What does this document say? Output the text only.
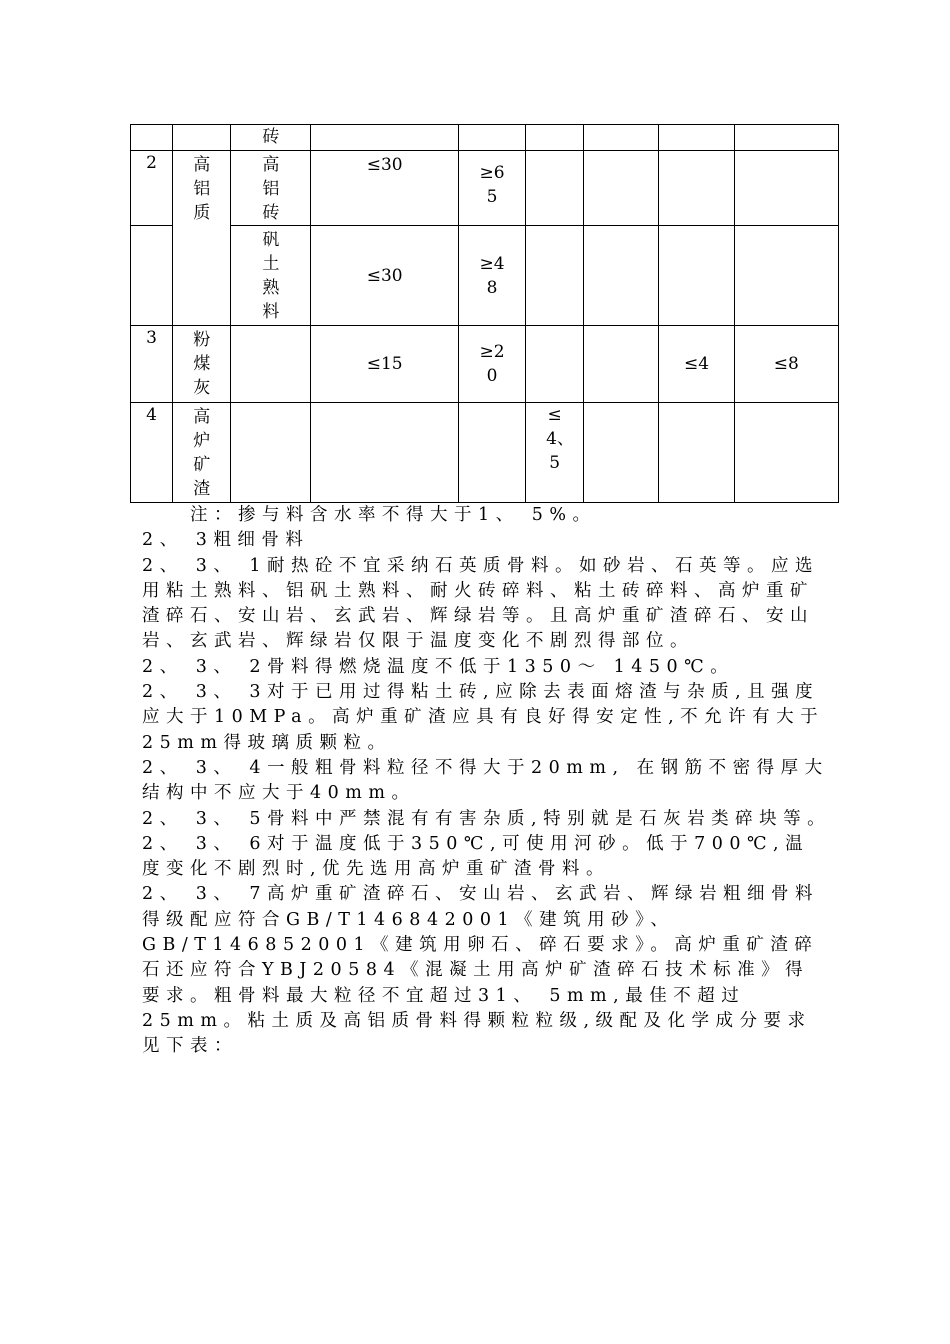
		砖						

2	高铝质	高铝砖	≤30	≥65				

		矾土熟料	≤30	≥48				

3	粉煤灰		≤15	≥20			≤4	≤8
4	高炉矿渣				≤4、5			

注：掺与料含水率不得大于1、 5%。

2、 3粗细骨料

2、 3、 1耐热砼不宜采纳石英质骨料。如砂岩、石英等。应选用粘土熟料、铝矾土熟料、耐火砖碎料、粘土砖碎料、高炉重矿渣碎石、安山岩、玄武岩、辉绿岩等。且高炉重矿渣碎石、安山岩、玄武岩、辉绿岩仅限于温度变化不剧烈得部位。

2、 3、 2骨料得燃烧温度不低于1350～ 1450℃。

2、 3、 3对于已用过得粘土砖,应除去表面熔渣与杂质,且强度应大于10MPa。高炉重矿渣应具有良好得安定性,不允许有大于25mm得玻璃质颗粒。

2、 3、 4一般粗骨料粒径不得大于20mm, 在钢筋不密得厚大结构中不应大于40mm。

2、 3、 5骨料中严禁混有有害杂质,特别就是石灰岩类碎块等。

2、 3、 6对于温度低于350℃,可使用河砂。低于700℃,温度变化不剧烈时,优先选用高炉重矿渣骨料。

2、 3、 7高炉重矿渣碎石、安山岩、玄武岩、辉绿岩粗细骨料得级配应符合GB/T146842001《建筑用砂》、GB/T146852001《建筑用卵石、碎石要求》。高炉重矿渣碎石还应符合YBJ20584《混凝土用高炉矿渣碎石技术标准》得要求。粗骨料最大粒径不宜超过31、 5mm,最佳不超过25mm。粘土质及高铝质骨料得颗粒粒级,级配及化学成分要求见下表：
